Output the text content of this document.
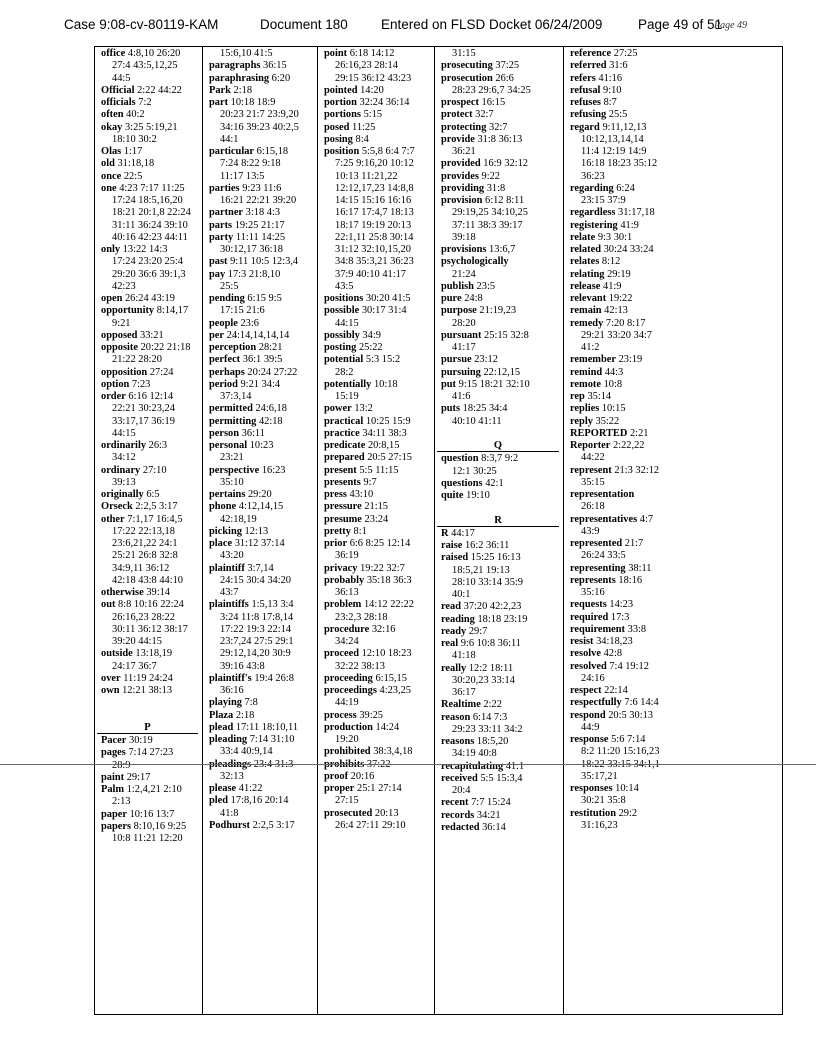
Case 9:08-cv-80119-KAM	Document 180 Entered on FLSD Docket 06/24/2009	Page 49 of 51
Page 49
office 4:8,10 26:20
27:4 43:5,12,25
44:5
Official 2:22 44:22
officials 7:2
often 40:2
okay 3:25 5:19,21
18:10 30:2
Olas 1:17
old 31:18,18
once 22:5
one 4:23 7:17 11:25
17:24 18:5,16,20
18:21 20:1,8 22:24
31:11 36:24 39:10
40:16 42:23 44:11
only 13:22 14:3
17:24 23:20 25:4
29:20 36:6 39:1,3
42:23
open 26:24 43:19
opportunity 8:14,17
9:21
opposed 33:21
opposite 20:22 21:18
21:22 28:20
opposition 27:24
option 7:23
order 6:16 12:14
22:21 30:23,24
33:17,17 36:19
44:15
ordinarily 26:3
34:12
ordinary 27:10
39:13
originally 6:5
Orseck 2:2,5 3:17
other 7:1,17 16:4,5
17:22 22:13,18
23:6,21,22 24:1
25:21 26:8 32:8
34:9,11 36:12
42:18 43:8 44:10
otherwise 39:14
out 8:8 10:16 22:24
26:16,23 28:22
30:11 36:12 38:17
39:20 44:15
outside 13:18,19
24:17 36:7
over 11:19 24:24
own 12:21 38:13
P
Pacer 30:19
pages 7:14 27:23
28:9
paint 29:17
Palm 1:2,4,21 2:10
2:13
paper 10:16 13:7
papers 8:10,16 9:25
10:8 11:21 12:20
15:6,10 41:5
paragraphs 36:15
paraphrasing 6:20
Park 2:18
part 10:18 18:9
20:23 21:7 23:9,20
34:16 39:23 40:2,5
44:1
particular 6:15,18
7:24 8:22 9:18
11:17 13:5
parties 9:23 11:6
16:21 22:21 39:20
partner 3:18 4:3
parts 19:25 21:17
party 11:11 14:25
30:12,17 36:18
past 9:11 10:5 12:3,4
pay 17:3 21:8,10
25:5
pending 6:15 9:5
17:15 21:6
people 23:6
per 24:14,14,14,14
perception 28:21
perfect 36:1 39:5
perhaps 20:24 27:22
period 9:21 34:4
37:3,14
permitted 24:6,18
permitting 42:18
person 36:11
personal 10:23
23:21
perspective 16:23
35:10
pertains 29:20
phone 4:12,14,15
42:18,19
picking 12:13
place 31:12 37:14
43:20
plaintiff 3:7,14
24:15 30:4 34:20
43:7
plaintiffs 1:5,13 3:4
3:24 11:8 17:8,14
17:22 19:3 22:14
23:7,24 27:5 29:1
29:12,14,20 30:9
39:16 43:8
plaintiff's 19:4 26:8
36:16
playing 7:8
Plaza 2:18
plead 17:11 18:10,11
pleading 7:14 31:10
33:4 40:9,14
pleadings 23:4 31:3
32:13
please 41:22
pled 17:8,16 20:14
41:8
Podhurst 2:2,5 3:17
point 6:18 14:12
26:16,23 28:14
29:15 36:12 43:23
pointed 14:20
portion 32:24 36:14
portions 5:15
posed 11:25
posing 8:4
position 5:5,8 6:4 7:7
7:25 9:16,20 10:12
10:13 11:21,22
12:12,17,23 14:8,8
14:15 15:16 16:16
16:17 17:4,7 18:13
18:17 19:19 20:13
22:1,11 25:8 30:14
31:12 32:10,15,20
34:8 35:3,21 36:23
37:9 40:10 41:17
43:5
positions 30:20 41:5
possible 30:17 31:4
44:15
possibly 34:9
posting 25:22
potential 5:3 15:2
28:2
potentially 10:18
15:19
power 13:2
practical 10:25 15:9
practice 34:11 38:3
predicate 20:8,15
prepared 20:5 27:15
present 5:5 11:15
presents 9:7
press 43:10
pressure 21:15
presume 23:24
pretty 8:1
prior 6:6 8:25 12:14
36:19
privacy 19:22 32:7
probably 35:18 36:3
36:13
problem 14:12 22:22
23:2,3 28:18
procedure 32:16
34:24
proceed 12:10 18:23
32:22 38:13
proceeding 6:15,15
proceedings 4:23,25
44:19
process 39:25
production 14:24
19:20
prohibited 38:3,4,18
prohibits 37:22
proof 20:16
proper 25:1 27:14
27:15
prosecuted 20:13
26:4 27:11 29:10
31:15
prosecuting 37:25
prosecution 26:6
28:23 29:6,7 34:25
prospect 16:15
protect 32:7
protecting 32:7
provide 31:8 36:13
36:21
provided 16:9 32:12
provides 9:22
providing 31:8
provision 6:12 8:11
29:19,25 34:10,25
37:11 38:3 39:17
39:18
provisions 13:6,7
psychologically
21:24
publish 23:5
pure 24:8
purpose 21:19,23
28:20
pursuant 25:15 32:8
41:17
pursue 23:12
pursuing 22:12,15
put 9:15 18:21 32:10
41:6
puts 18:25 34:4
40:10 41:11
Q
question 8:3,7 9:2
12:1 30:25
questions 42:1
quite 19:10
R
R 44:17
raise 16:2 36:11
raised 15:25 16:13
18:5,21 19:13
28:10 33:14 35:9
40:1
read 37:20 42:2,23
reading 18:18 23:19
ready 29:7
real 9:6 10:8 36:11
41:18
really 12:2 18:11
30:20,23 33:14
36:17
Realtime 2:22
reason 6:14 7:3
29:23 33:11 34:2
reasons 18:5,20
34:19 40:8
recapitulating 41:1
received 5:5 15:3,4
20:4
recent 7:7 15:24
records 34:21
redacted 36:14
reference 27:25
referred 31:6
refers 41:16
refusal 9:10
refuses 8:7
refusing 25:5
regard 9:11,12,13
10:12,13,14,14
11:4 12:19 14:9
16:18 18:23 35:12
36:23
regarding 6:24
23:15 37:9
regardless 31:17,18
registering 41:9
relate 9:3 30:1
related 30:24 33:24
relates 8:12
relating 29:19
release 41:9
relevant 19:22
remain 42:13
remedy 7:20 8:17
29:21 33:20 34:7
41:2
remember 23:19
remind 44:3
remote 10:8
rep 35:14
replies 10:15
reply 35:22
REPORTED 2:21
Reporter 2:22,22
44:22
represent 21:3 32:12
35:15
representation
26:18
representatives 4:7
43:9
represented 21:7
26:24 33:5
representing 38:11
represents 18:16
35:16
requests 14:23
required 17:3
requirement 33:8
resist 34:18,23
resolve 42:8
resolved 7:4 19:12
24:16
respect 22:14
respectfully 7:6 14:4
respond 20:5 30:13
44:9
response 5:6 7:14
8:2 11:20 15:16,23
18:22 33:15 34:1,1
35:17,21
responses 10:14
30:21 35:8
restitution 29:2
31:16,23
